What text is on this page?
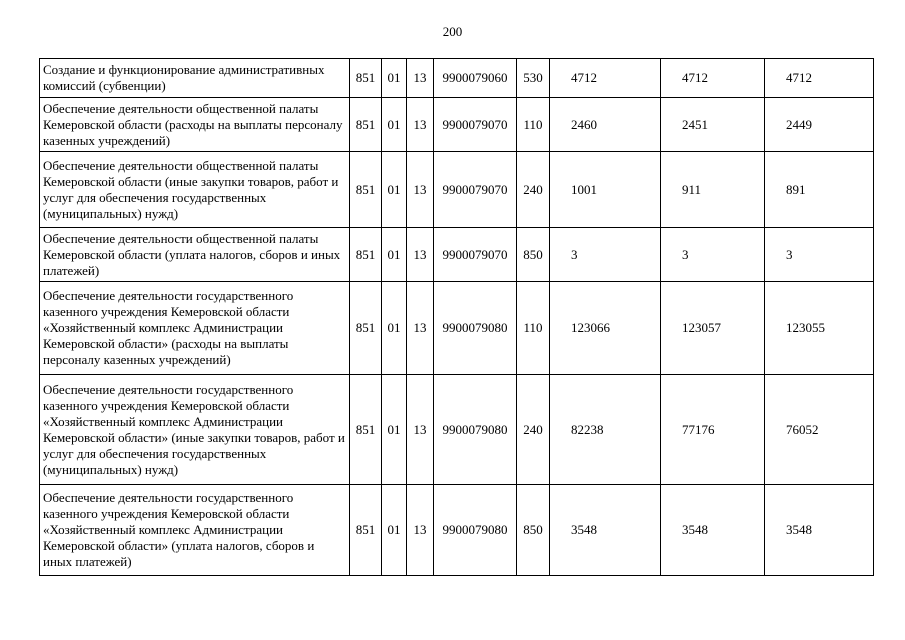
200
Создание и функционирование административных комиссий (субвенции)	851	01	13	9900079060	530	4712	4712	4712
Обеспечение деятельности общественной палаты Кемеровской области (расходы на выплаты персоналу казенных учреждений)	851	01	13	9900079070	110	2460	2451	2449
Обеспечение деятельности общественной палаты Кемеровской области (иные закупки товаров, работ и услуг для обеспечения государственных (муниципальных) нужд)	851	01	13	9900079070	240	1001	911	891
Обеспечение деятельности общественной палаты Кемеровской области (уплата налогов, сборов и иных платежей)	851	01	13	9900079070	850	3	3	3
Обеспечение деятельности государственного казенного учреждения Кемеровской области «Хозяйственный комплекс Администрации Кемеровской области» (расходы на выплаты персоналу казенных учреждений)	851	01	13	9900079080	110	123066	123057	123055
Обеспечение деятельности государственного казенного учреждения Кемеровской области «Хозяйственный комплекс Администрации Кемеровской области» (иные закупки товаров, работ и услуг для обеспечения государственных (муниципальных) нужд)	851	01	13	9900079080	240	82238	77176	76052
Обеспечение деятельности государственного казенного учреждения Кемеровской области «Хозяйственный комплекс Администрации Кемеровской области» (уплата налогов, сборов и иных платежей)	851	01	13	9900079080	850	3548	3548	3548
